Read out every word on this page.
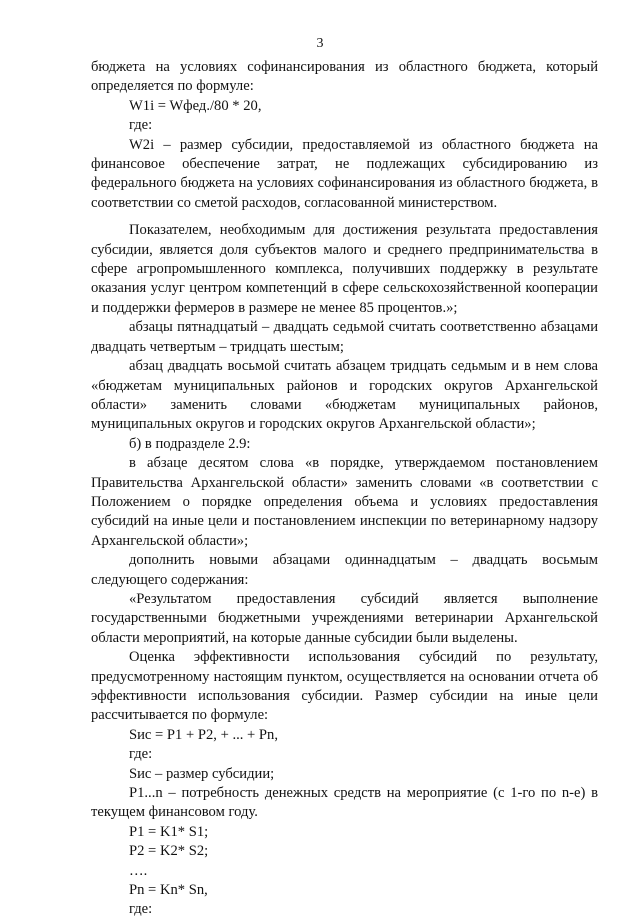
3

бюджета на условиях софинансирования из областного бюджета, который определяется по формуле:

W1i = Wфед./80 * 20,

где:

W2i – размер субсидии, предоставляемой из областного бюджета на финансовое обеспечение затрат, не подлежащих субсидированию из федерального бюджета на условиях софинансирования из областного бюджета, в соответствии со сметой расходов, согласованной министерством.

Показателем, необходимым для достижения результата предоставления субсидии, является доля субъектов малого и среднего предпринимательства в сфере агропромышленного комплекса, получивших поддержку в результате оказания услуг центром компетенций в сфере сельскохозяйственной кооперации и поддержки фермеров в размере не менее 85 процентов.»;

абзацы пятнадцатый – двадцать седьмой считать соответственно абзацами двадцать четвертым – тридцать шестым;

абзац двадцать восьмой считать абзацем тридцать седьмым и в нем слова «бюджетам муниципальных районов и городских округов Архангельской области» заменить словами «бюджетам муниципальных районов, муниципальных округов и городских округов Архангельской области»;

б) в подразделе 2.9:

в абзаце десятом слова «в порядке, утверждаемом постановлением Правительства Архангельской области» заменить словами «в соответствии с Положением о порядке определения объема и условиях предоставления субсидий на иные цели и постановлением инспекции по ветеринарному надзору Архангельской области»;

дополнить новыми абзацами одиннадцатым – двадцать восьмым следующего содержания:

«Результатом предоставления субсидий является выполнение государственными бюджетными учреждениями ветеринарии Архангельской области мероприятий, на которые данные субсидии были выделены.

Оценка эффективности использования субсидий по результату, предусмотренному настоящим пунктом, осуществляется на основании отчета об эффективности использования субсидии. Размер субсидии на иные цели рассчитывается по формуле:

Sис = P1 + P2, + ... + Pn,

где:

Sис – размер субсидии;

P1...n – потребность денежных средств на мероприятие (с 1-го по n-е) в текущем финансовом году.

P1 = K1* S1;

P2 = K2* S2;

….

Pn = Kn* Sn,

где:
